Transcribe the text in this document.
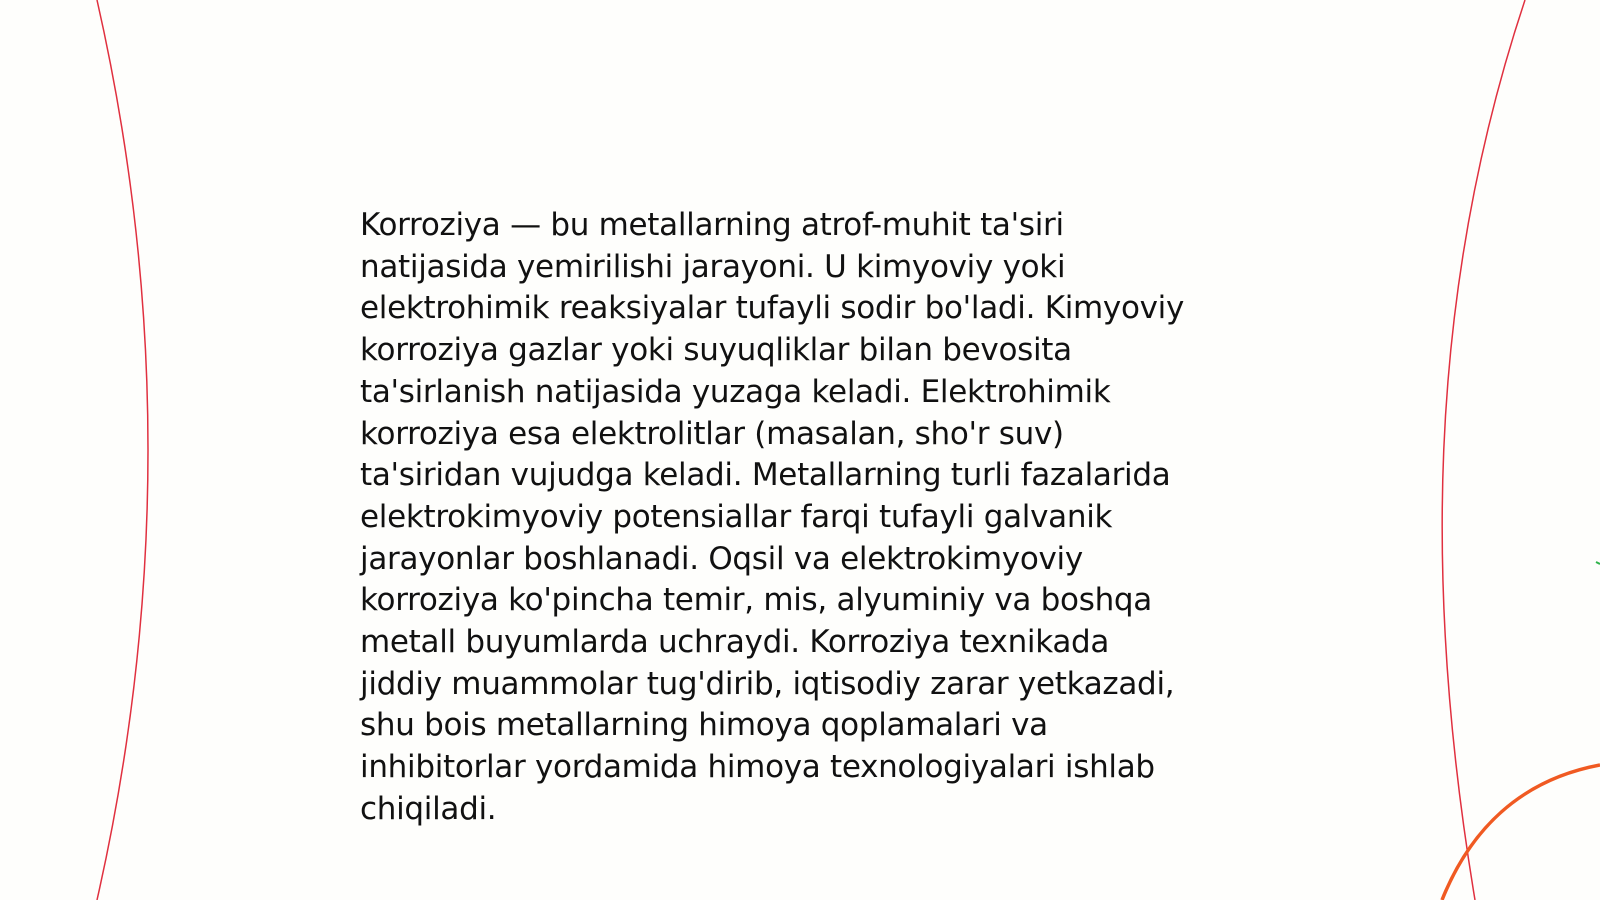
Korroziya — bu metallarning atrof-muhit ta'siri
natijasida yemirilishi jarayoni. U kimyoviy yoki
elektrohimik reaksiyalar tufayli sodir bo'ladi. Kimyoviy
korroziya gazlar yoki suyuqliklar bilan bevosita
ta'sirlanish natijasida yuzaga keladi. Elektrohimik
korroziya esa elektrolitlar (masalan, sho'r suv)
ta'siridan vujudga keladi. Metallarning turli fazalarida
elektrokimyoviy potensiallar farqi tufayli galvanik
jarayonlar boshlanadi. Oqsil va elektrokimyoviy
korroziya ko'pincha temir, mis, alyuminiy va boshqa
metall buyumlarda uchraydi. Korroziya texnikada
jiddiy muammolar tug'dirib, iqtisodiy zarar yetkazadi,
shu bois metallarning himoya qoplamalari va
inhibitorlar yordamida himoya texnologiyalari ishlab
chiqiladi.
